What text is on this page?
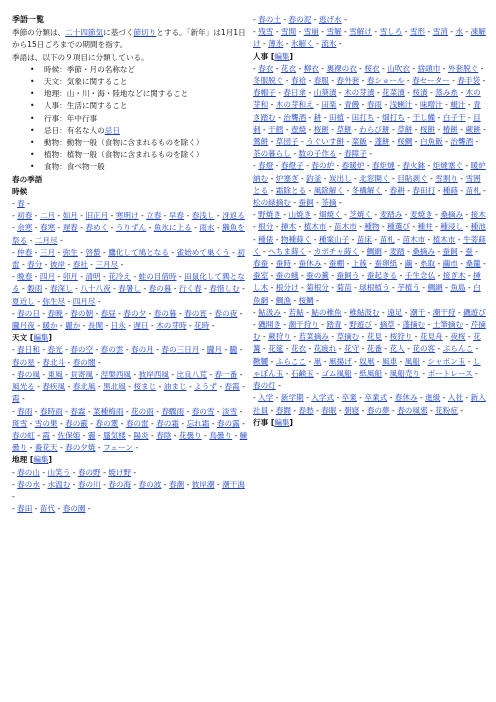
季語一覧

季節の分類は、二十四節気に基づく節切りとする。「新年」は1月1日から15日ごろまでの期間を指す。

季語は、以下の９項目に分類している。

• 時候：季節・月の名称など
• 天文：気象に関すること
• 地理：山・川・海・陸地などに関すること
• 人事：生活に関すること
• 行事：年中行事
• 忌日：有名な人の忌日
• 動物：動物一般（食物に含まれるものを除く）
• 植物：植物一般（食物に含まれるものを除く）
• 食物：食べ物一般
春の季語
時候

- 春 -

- 初春 - 二月 - 如月 - 旧正月 - 寒明け - 立春 - 早春 - 春浅し - 冴返る - 余寒 - 春寒 - 遅春 - 春めく - うりずん - 魚氷に上る - 雨水 - 獺魚を祭る - 二月尽 -

- 仲春 - 三月 - 弥生 - 啓蟄 - 鷹化して鳩となる - 雀始めて巣くう - 初雷 - 春分 - 彼岸 - 春社 - 三月尽 -

- 晩春 - 四月 - 卯月 - 清明 - 花冷え - 蛙の目借時 - 田鼠化して鶉となる - 穀雨 - 春深し - 八十八夜 - 春暑し - 春の暮 - 行く春 - 春惜しむ - 夏近し - 弥生尽 - 四月尽 -

- 春の日 - 春暁 - 春の朝 - 春昼 - 春の夕 - 春の暮 - 春の宵 - 春の夜 - 朧月夜 - 暖か - 麗か - 長閑 - 日永 - 遅日 - 木の芽時 - 花時 -

天文 [編集]

- 春日和 - 春光 - 春の空 - 春の雲 - 春の月 - 春の三日月 - 朧月 - 朧 - 春の星 - 春北斗 - 春の闇 -

- 春の風 - 東風 - 貝寄風 - 涅槃西風 - 彼岸西風 - 比良八荒 - 春一番 - 風光る - 春疾風 - 春北風 - 黒北風 - 桜まじ - 油まじ - ようず - 春霞 - 霞 -

- 春雨 - 春時雨 - 春霖 - 菜種梅雨 - 花の雨 - 春驟雨 - 春の雪 - 淡雪 - 斑雪 - 雪の果 - 春の霰 - 春の霙 - 春の雷 - 春の霜 - 忘れ霜 - 春の露 - 春の虹 - 霞 - 佐保姫 - 霾 - 蜃気楼 - 陽炎 - 春陰 - 花曇り - 鳥曇り - 鰊曇り - 養花天 - 春の夕焼 - フェーン -

地理 [編集]

- 春の山 - 山笑う - 春の野 - 焼け野 -

- 春の水 - 水温む - 春の川 - 春の海 - 春の波 - 春潮 - 彼岸潮 - 潮干潟 -

- 春田 - 苗代 - 春の園 -

- 春の土 - 春の泥 - 逃げ水 -

- 残雪 - 雪間 - 雪崩 - 雪解 - 雪解け - 雪しろ - 雪形 - 雪消 - 水 - 凍解け - 薄氷 - 氷解く - 流氷 -

人事 [編集]

- 春衣 - 花衣 - 柳衣 - 裏裸の衣 - 桜衣 - 山吹衣 - 捨頭巾 - 外套脱ぐ - 冬服脱ぐ - 春袷 - 春服 - 春外套 - 春ショール - 春セーター - 春手袋 - 春帽子 - 春日傘 - 山葵漬 - 木の芽漬 - 花菜漬 - 桜漬 - 蒸み糸 - 木の芽和 - 木の芽和え - 田楽 - 青饅 - 春雨 - 浅蜊汁 - 味噌汁 - 蜆汁 - 青き踏む - 治聾酒 - 耕 - 田植 - 田打ち - 畑打ち - 干し鰈 - 白子干 - 目刺 - 干鱈 - 壺焼 - 桜餅 - 草餅 - わらび餅 - 草餅 - 桜餅 - 椿餅 - 蕨餅 - 鶯餅 - 草団子 - うぐいす餅 - 菜飯 - 蓬餅 - 桜鯛 - 白魚飯 - 治聾酒 - 茶の暮らし - 数の子作る - 春障子 -

- 春燈 - 春燈子 - 春の炉 - 春暖炉 - 春炬燵 - 春火鉢 - 炬燵塞ぐ - 暖炉納む - 炉塞ぎ - 釣釜 - 炭出し - 北窓開く - 目貼剥ぐ - 雪割り - 雪囲とる - 霜除とる - 風除解く - 冬構解く - 春耕 - 春田打 - 種蒔 - 苗札 - 松の緑摘む - 蚕飼 - 茶摘 -

- 野焼き - 山焼き - 畑焼く - 芝焼く - 麦踏み - 麦焼き - 桑摘み - 接木 - 根分 - 挿木 - 植木市 - 苗木市 - 種物 - 種選び - 種井 - 種浸し - 種池 - 種俵 - 物種蒔く - 種案山子 - 苗床 - 苗札 - 苗木市 - 植木市 - 牛蒡蒔く - へちま蒔く - カボチャ蒔く - 鯛網 - 麦踏 - 桑摘み - 蚕飼 - 蚕 - 春蚕 - 蚕時 - 蚕休み - 蚕棚 - 上蔟 - 蚕卵紙 - 繭 - 糸取 - 繭市 - 桑籠 - 蚕室 - 蚕の蛾 - 蚕の糞 - 蚕飼う - 蚕起きる - 壬生念仏 - 接ぎ木 - 挿し木 - 根分け - 菊根分 - 菊苗 - 球根植う - 芋植う - 鯛網 - 魚島 - 白魚網 - 鯛漁 - 桜鯛 -

- 鮎汲み - 若鮎 - 鮎の稚魚 - 稚鮎汲む - 遠足 - 潮干 - 潮干狩 - 磯遊び - 磯開き - 潮干狩り - 踏青 - 野遊び - 摘草 - 蓬摘む - 土筆摘む - 芹摘む - 蕨狩り - 若菜摘み - 草摘む - 花見 - 桜狩り - 花見舟 - 夜桜 - 花篝 - 花筵 - 花衣 - 花疲れ - 花守 - 花番 - 花人 - 花の客 - ぶらんこ - 鞦韆 - ふらここ - 凧 - 凧揚げ - 奴凧 - 風車 - 風船 - シャボン玉 - しゃぼん玉 - 石鹸玉 - ゴム風船 - 紙風船 - 風船売り - ボートレース - 春の灯 -

- 入学 - 新学期 - 入学式 - 卒業 - 卒業式 - 春休み - 進級 - 入社 - 新入社員 - 春闘 - 春愁 - 春眠 - 朝寝 - 春の夢 - 春の風邪 - 花粉症 -

行事 [編集]
